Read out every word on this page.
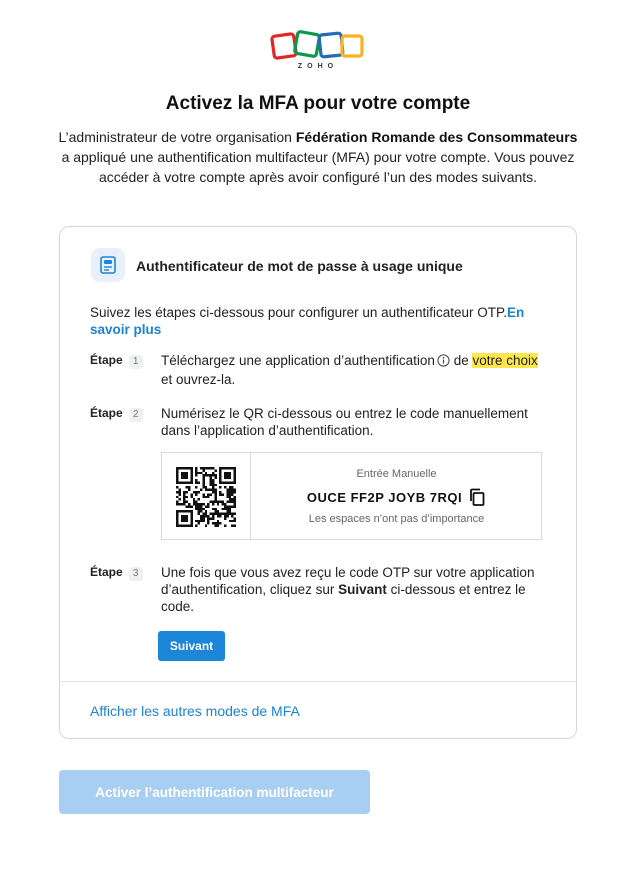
ZOHO
Activez la MFA pour votre compte
L’administrateur de votre organisation Fédération Romande des Consommateurs a appliqué une authentification multifacteur (MFA) pour votre compte. Vous pouvez accéder à votre compte après avoir configuré l’un des modes suivants.
Authentificateur de mot de passe à usage unique
Suivez les étapes ci-dessous pour configurer un authentificateur OTP.En savoir plus
Étape 1	Téléchargez une application d’authentification de votre choix et ouvrez-la.
Étape 2	Numérisez le QR ci-dessous ou entrez le code manuellement dans l’application d’authentification.
Entrée Manuelle
OUCE FF2P JOYB 7RQI
Les espaces n’ont pas d’importance
Étape 3	Une fois que vous avez reçu le code OTP sur votre application d’authentification, cliquez sur Suivant ci-dessous et entrez le code.
Suivant
Afficher les autres modes de MFA
Activer l’authentification multifacteur
